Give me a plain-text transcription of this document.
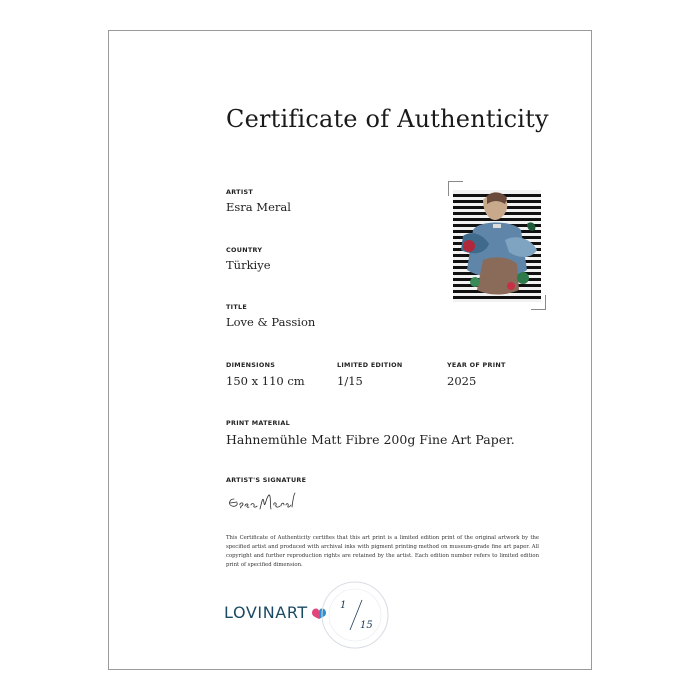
Certificate of Authenticity
ARTIST
Esra Meral
COUNTRY
Türkiye
TITLE
Love & Passion
DIMENSIONS
150 x 110 cm
LIMITED EDITION
1/15
YEAR OF PRINT
2025
PRINT MATERIAL
Hahnemühle Matt Fibre 200g Fine Art Paper.
ARTIST'S SIGNATURE
This Certificate of Authenticity certifies that this art print is a limited edition print of the original artwork by the specified artist and produced with archival inks with pigment printing method on museum-grade fine art paper. All copyright and further reproduction rights are retained by the artist. Each edition number refers to limited edition print of specified dimension.
LOVINART	1
15
